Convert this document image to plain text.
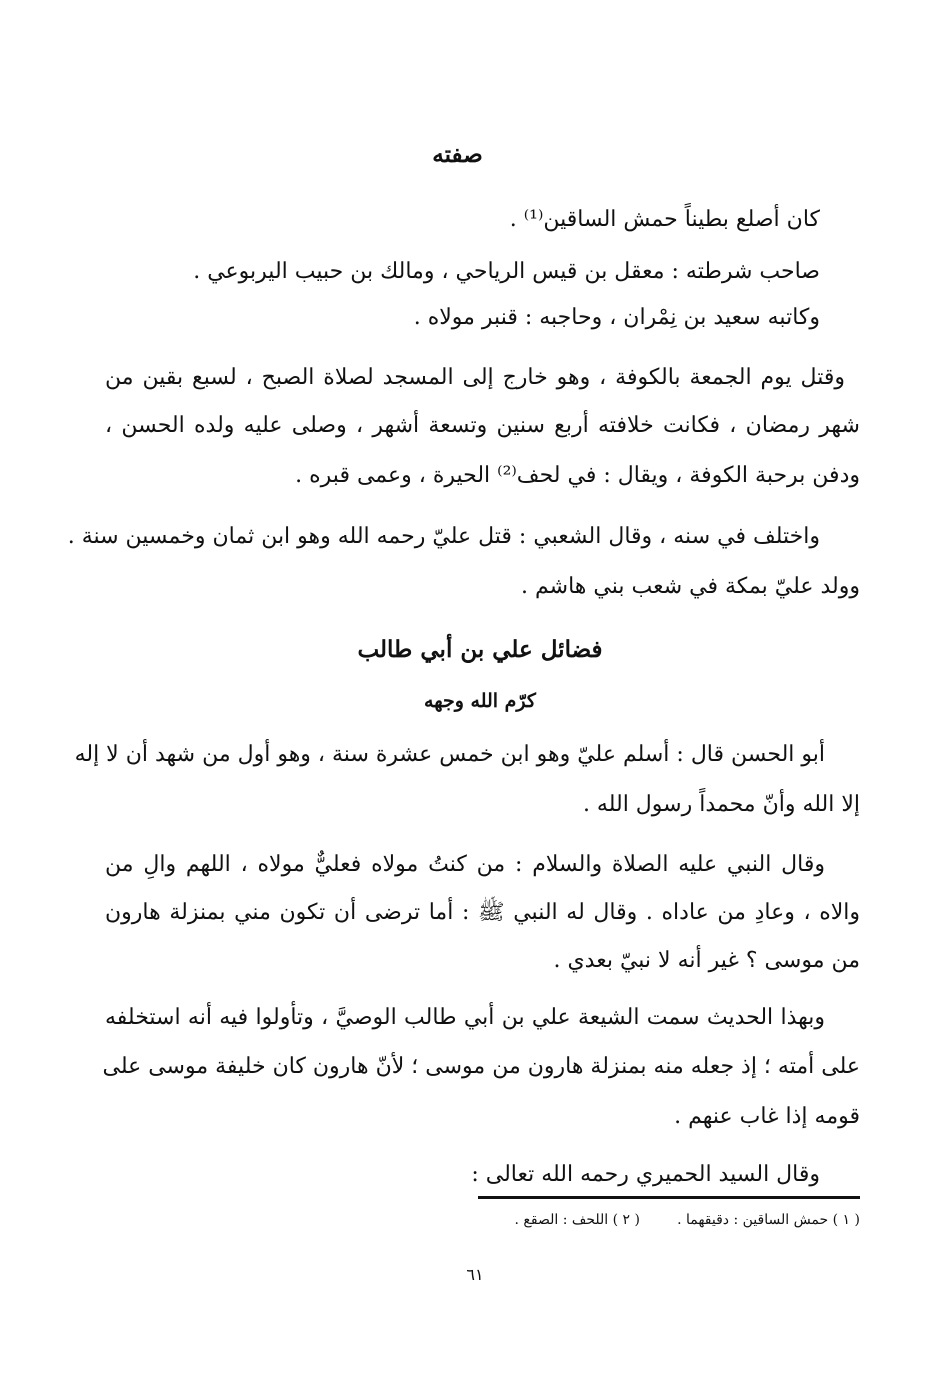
صفته
كان أصلع بطيناً حمش الساقين⁽¹⁾ .
صاحب شرطته : معقل بن قيس الرياحي ، ومالك بن حبيب اليربوعي .
وكاتبه سعيد بن نِمْران ، وحاجبه : قنبر مولاه .
وقتل يوم الجمعة بالكوفة ، وهو خارج إلى المسجد لصلاة الصبح ، لسبع بقين من
شهر رمضان ، فكانت خلافته أربع سنين وتسعة أشهر ، وصلى عليه ولده الحسن ،
ودفن برحبة الكوفة ، ويقال : في لحف⁽²⁾ الحيرة ، وعمى قبره .
واختلف في سنه ، وقال الشعبي : قتل عليّ رحمه الله وهو ابن ثمان وخمسين سنة .
وولد عليّ بمكة في شعب بني هاشم .
فضائل علي بن أبي طالب
كرّم الله وجهه
أبو الحسن قال : أسلم عليّ وهو ابن خمس عشرة سنة ، وهو أول من شهد أن لا إله
إلا الله وأنّ محمداً رسول الله .
وقال النبي عليه الصلاة والسلام : من كنتُ مولاه فعليٌّ مولاه ، اللهم والِ من
والاه ، وعادِ من عاداه . وقال له النبي ﷺ : أما ترضى أن تكون مني بمنزلة هارون
من موسى ؟ غير أنه لا نبيّ بعدي .
وبهذا الحديث سمت الشيعة علي بن أبي طالب الوصيَّ ، وتأولوا فيه أنه استخلفه
على أمته ؛ إذ جعله منه بمنزلة هارون من موسى ؛ لأنّ هارون كان خليفة موسى على
قومه إذا غاب عنهم .
وقال السيد الحميري رحمه الله تعالى :
( ١ ) حمش الساقين : دقيقهما .
( ٢ ) اللحف : الصقع .
٦١
